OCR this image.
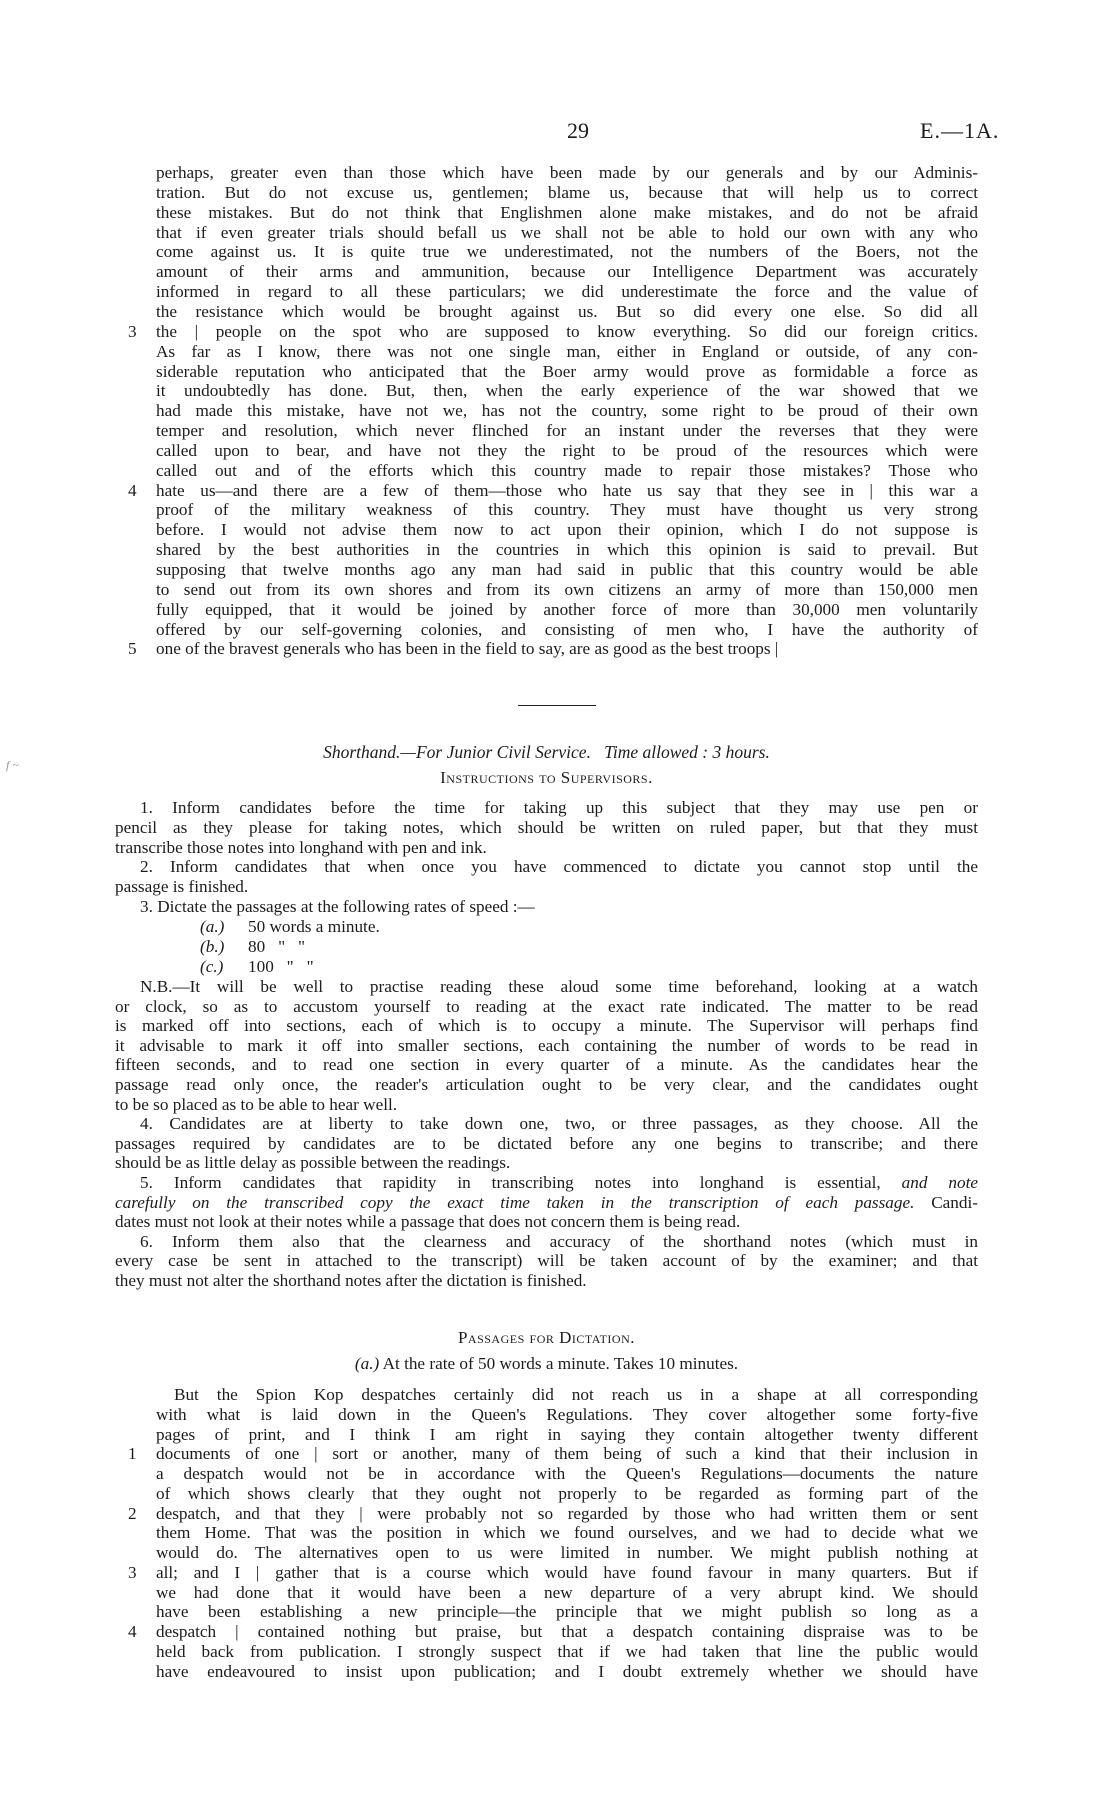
29	E.—1A.
perhaps, greater even than those which have been made by our generals and by our Adminis-
tration. But do not excuse us, gentlemen; blame us, because that will help us to correct
these mistakes. But do not think that Englishmen alone make mistakes, and do not be afraid
that if even greater trials should befall us we shall not be able to hold our own with any who
come against us. It is quite true we underestimated, not the numbers of the Boers, not the
amount of their arms and ammunition, because our Intelligence Department was accurately
informed in regard to all these particulars; we did underestimate the force and the value of
the resistance which would be brought against us. But so did every one else. So did all
the | people on the spot who are supposed to know everything. So did our foreign critics.
3
As far as I know, there was not one single man, either in England or outside, of any con-
siderable reputation who anticipated that the Boer army would prove as formidable a force as
it undoubtedly has done. But, then, when the early experience of the war showed that we
had made this mistake, have not we, has not the country, some right to be proud of their own
temper and resolution, which never flinched for an instant under the reverses that they were
called upon to bear, and have not they the right to be proud of the resources which were
called out and of the efforts which this country made to repair those mistakes? Those who
hate us—and there are a few of them—those who hate us say that they see in | this war a
4
proof of the military weakness of this country. They must have thought us very strong
before. I would not advise them now to act upon their opinion, which I do not suppose is
shared by the best authorities in the countries in which this opinion is said to prevail. But
supposing that twelve months ago any man had said in public that this country would be able
to send out from its own shores and from its own citizens an army of more than 150,000 men
fully equipped, that it would be joined by another force of more than 30,000 men voluntarily
offered by our self-governing colonies, and consisting of men who, I have the authority of
one of the bravest generals who has been in the field to say, are as good as the best troops |
5
f ~
Shorthand.—For Junior Civil Service. Time allowed : 3 hours.
Instructions to Supervisors.
1. Inform candidates before the time for taking up this subject that they may use pen or
pencil as they please for taking notes, which should be written on ruled paper, but that they must
transcribe those notes into longhand with pen and ink.
2. Inform candidates that when once you have commenced to dictate you cannot stop until the
passage is finished.
3. Dictate the passages at the following rates of speed :—
(a.) 50 words a minute.
(b.) 80   "   "
(c.) 100   "   "
N.B.—It will be well to practise reading these aloud some time beforehand, looking at a watch
or clock, so as to accustom yourself to reading at the exact rate indicated. The matter to be read
is marked off into sections, each of which is to occupy a minute. The Supervisor will perhaps find
it advisable to mark it off into smaller sections, each containing the number of words to be read in
fifteen seconds, and to read one section in every quarter of a minute. As the candidates hear the
passage read only once, the reader's articulation ought to be very clear, and the candidates ought
to be so placed as to be able to hear well.
4. Candidates are at liberty to take down one, two, or three passages, as they choose. All the
passages required by candidates are to be dictated before any one begins to transcribe; and there
should be as little delay as possible between the readings.
5. Inform candidates that rapidity in transcribing notes into longhand is essential, and note
carefully on the transcribed copy the exact time taken in the transcription of each passage. Candi-
dates must not look at their notes while a passage that does not concern them is being read.
6. Inform them also that the clearness and accuracy of the shorthand notes (which must in
every case be sent in attached to the transcript) will be taken account of by the examiner; and that
they must not alter the shorthand notes after the dictation is finished.
Passages for Dictation.
(a.) At the rate of 50 words a minute. Takes 10 minutes.
But the Spion Kop despatches certainly did not reach us in a shape at all corresponding
with what is laid down in the Queen's Regulations. They cover altogether some forty-five
pages of print, and I think I am right in saying they contain altogether twenty different
documents of one | sort or another, many of them being of such a kind that their inclusion in
1
a despatch would not be in accordance with the Queen's Regulations—documents the nature
of which shows clearly that they ought not properly to be regarded as forming part of the
despatch, and that they | were probably not so regarded by those who had written them or sent
2
them Home. That was the position in which we found ourselves, and we had to decide what we
would do. The alternatives open to us were limited in number. We might publish nothing at
all; and I | gather that is a course which would have found favour in many quarters. But if
3
we had done that it would have been a new departure of a very abrupt kind. We should
have been establishing a new principle—the principle that we might publish so long as a
despatch | contained nothing but praise, but that a despatch containing dispraise was to be
4
held back from publication. I strongly suspect that if we had taken that line the public would
have endeavoured to insist upon publication; and I doubt extremely whether we should have
